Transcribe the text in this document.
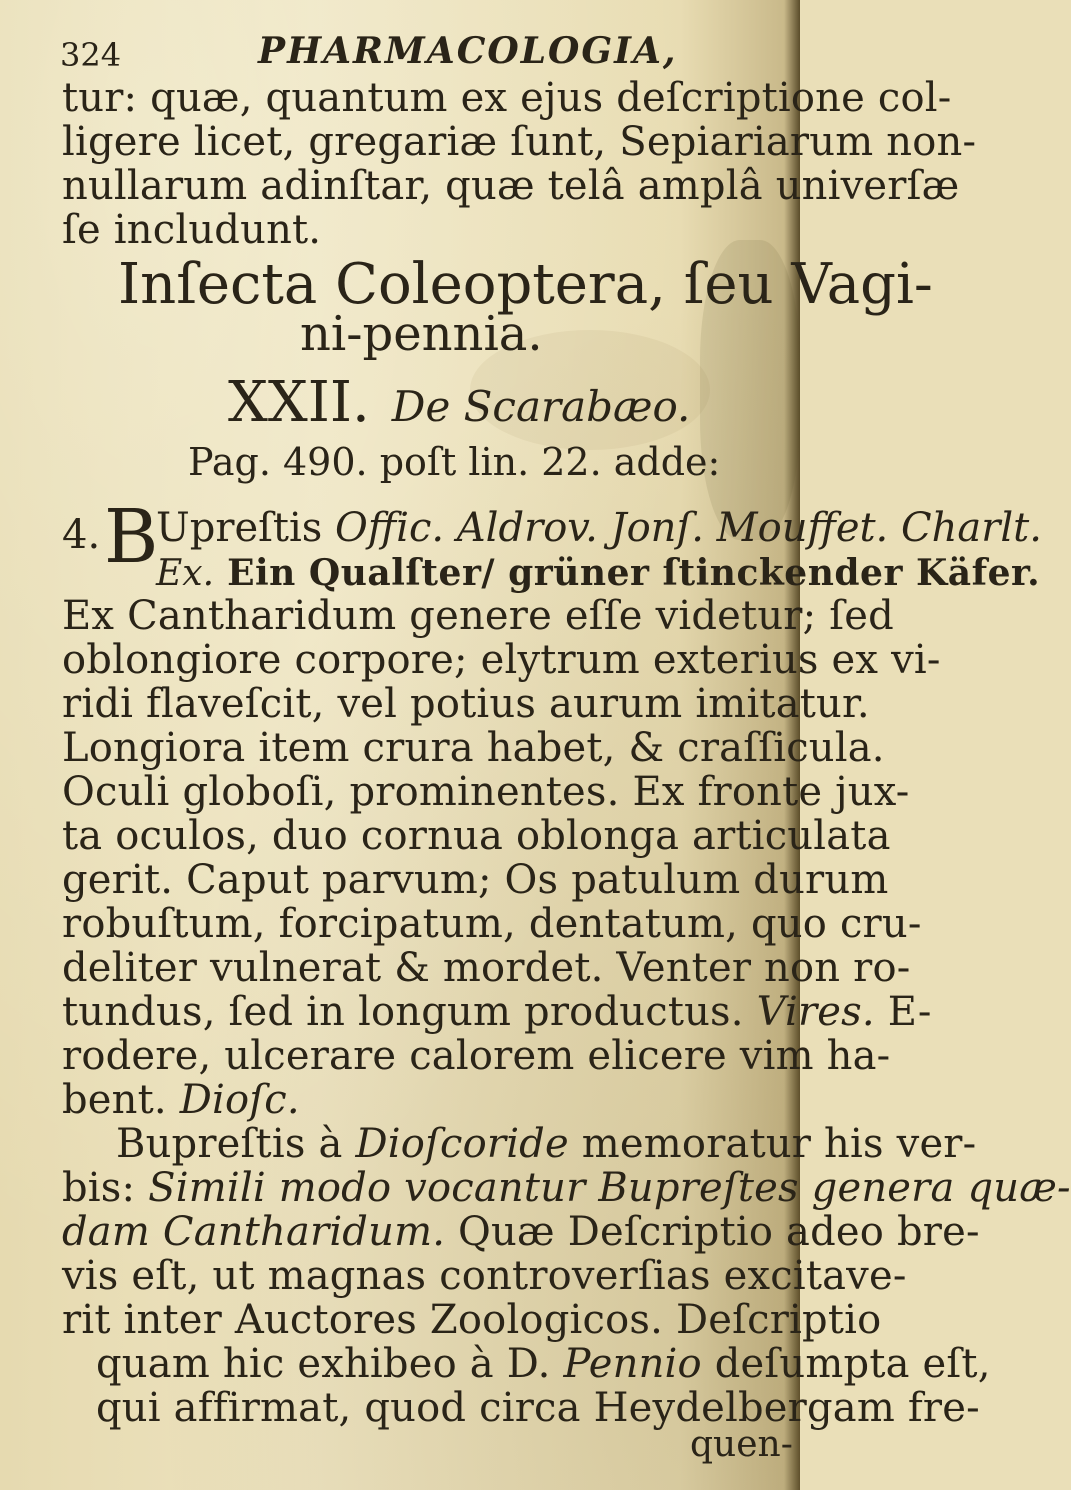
324	PHARMACOLOGIA,
tur: quæ, quantum ex ejus deſcriptione col-
ligere licet, gregariæ ſunt, Sepiariarum non-
nullarum adinſtar, quæ telâ amplâ univerſæ
ſe includunt.
Inſecta Coleoptera, ſeu Vagi-
ni-pennia.
XXII. De Scarabæo.
Pag. 490. poſt lin. 22. adde:
4. B
Upreſtis Offic. Aldrov. Jonſ. Mouffet. Charlt.
Ex. Ein Qualſter/ grüner ſtinckender Käfer.
Ex Cantharidum genere eſſe videtur; ſed
oblongiore corpore; elytrum exterius ex vi-
ridi flaveſcit, vel potius aurum imitatur.
Longiora item crura habet, & craſſicula.
Oculi globoſi, prominentes. Ex fronte jux-
ta oculos, duo cornua oblonga articulata
gerit. Caput parvum; Os patulum durum
robuſtum, forcipatum, dentatum, quo cru-
deliter vulnerat & mordet. Venter non ro-
tundus, ſed in longum productus. Vires. E-
rodere, ulcerare calorem elicere vim ha-
bent. Dioſc.
Bupreſtis à Dioſcoride memoratur his ver-
bis: Simili modo vocantur Bupreſtes genera quæ-
dam Cantharidum. Quæ Deſcriptio adeo bre-
vis eſt, ut magnas controverſias excitave-
rit inter Auctores Zoologicos. Deſcriptio
quam hic exhibeo à D. Pennio deſumpta eſt,
qui affirmat, quod circa Heydelbergam fre-
quen-
